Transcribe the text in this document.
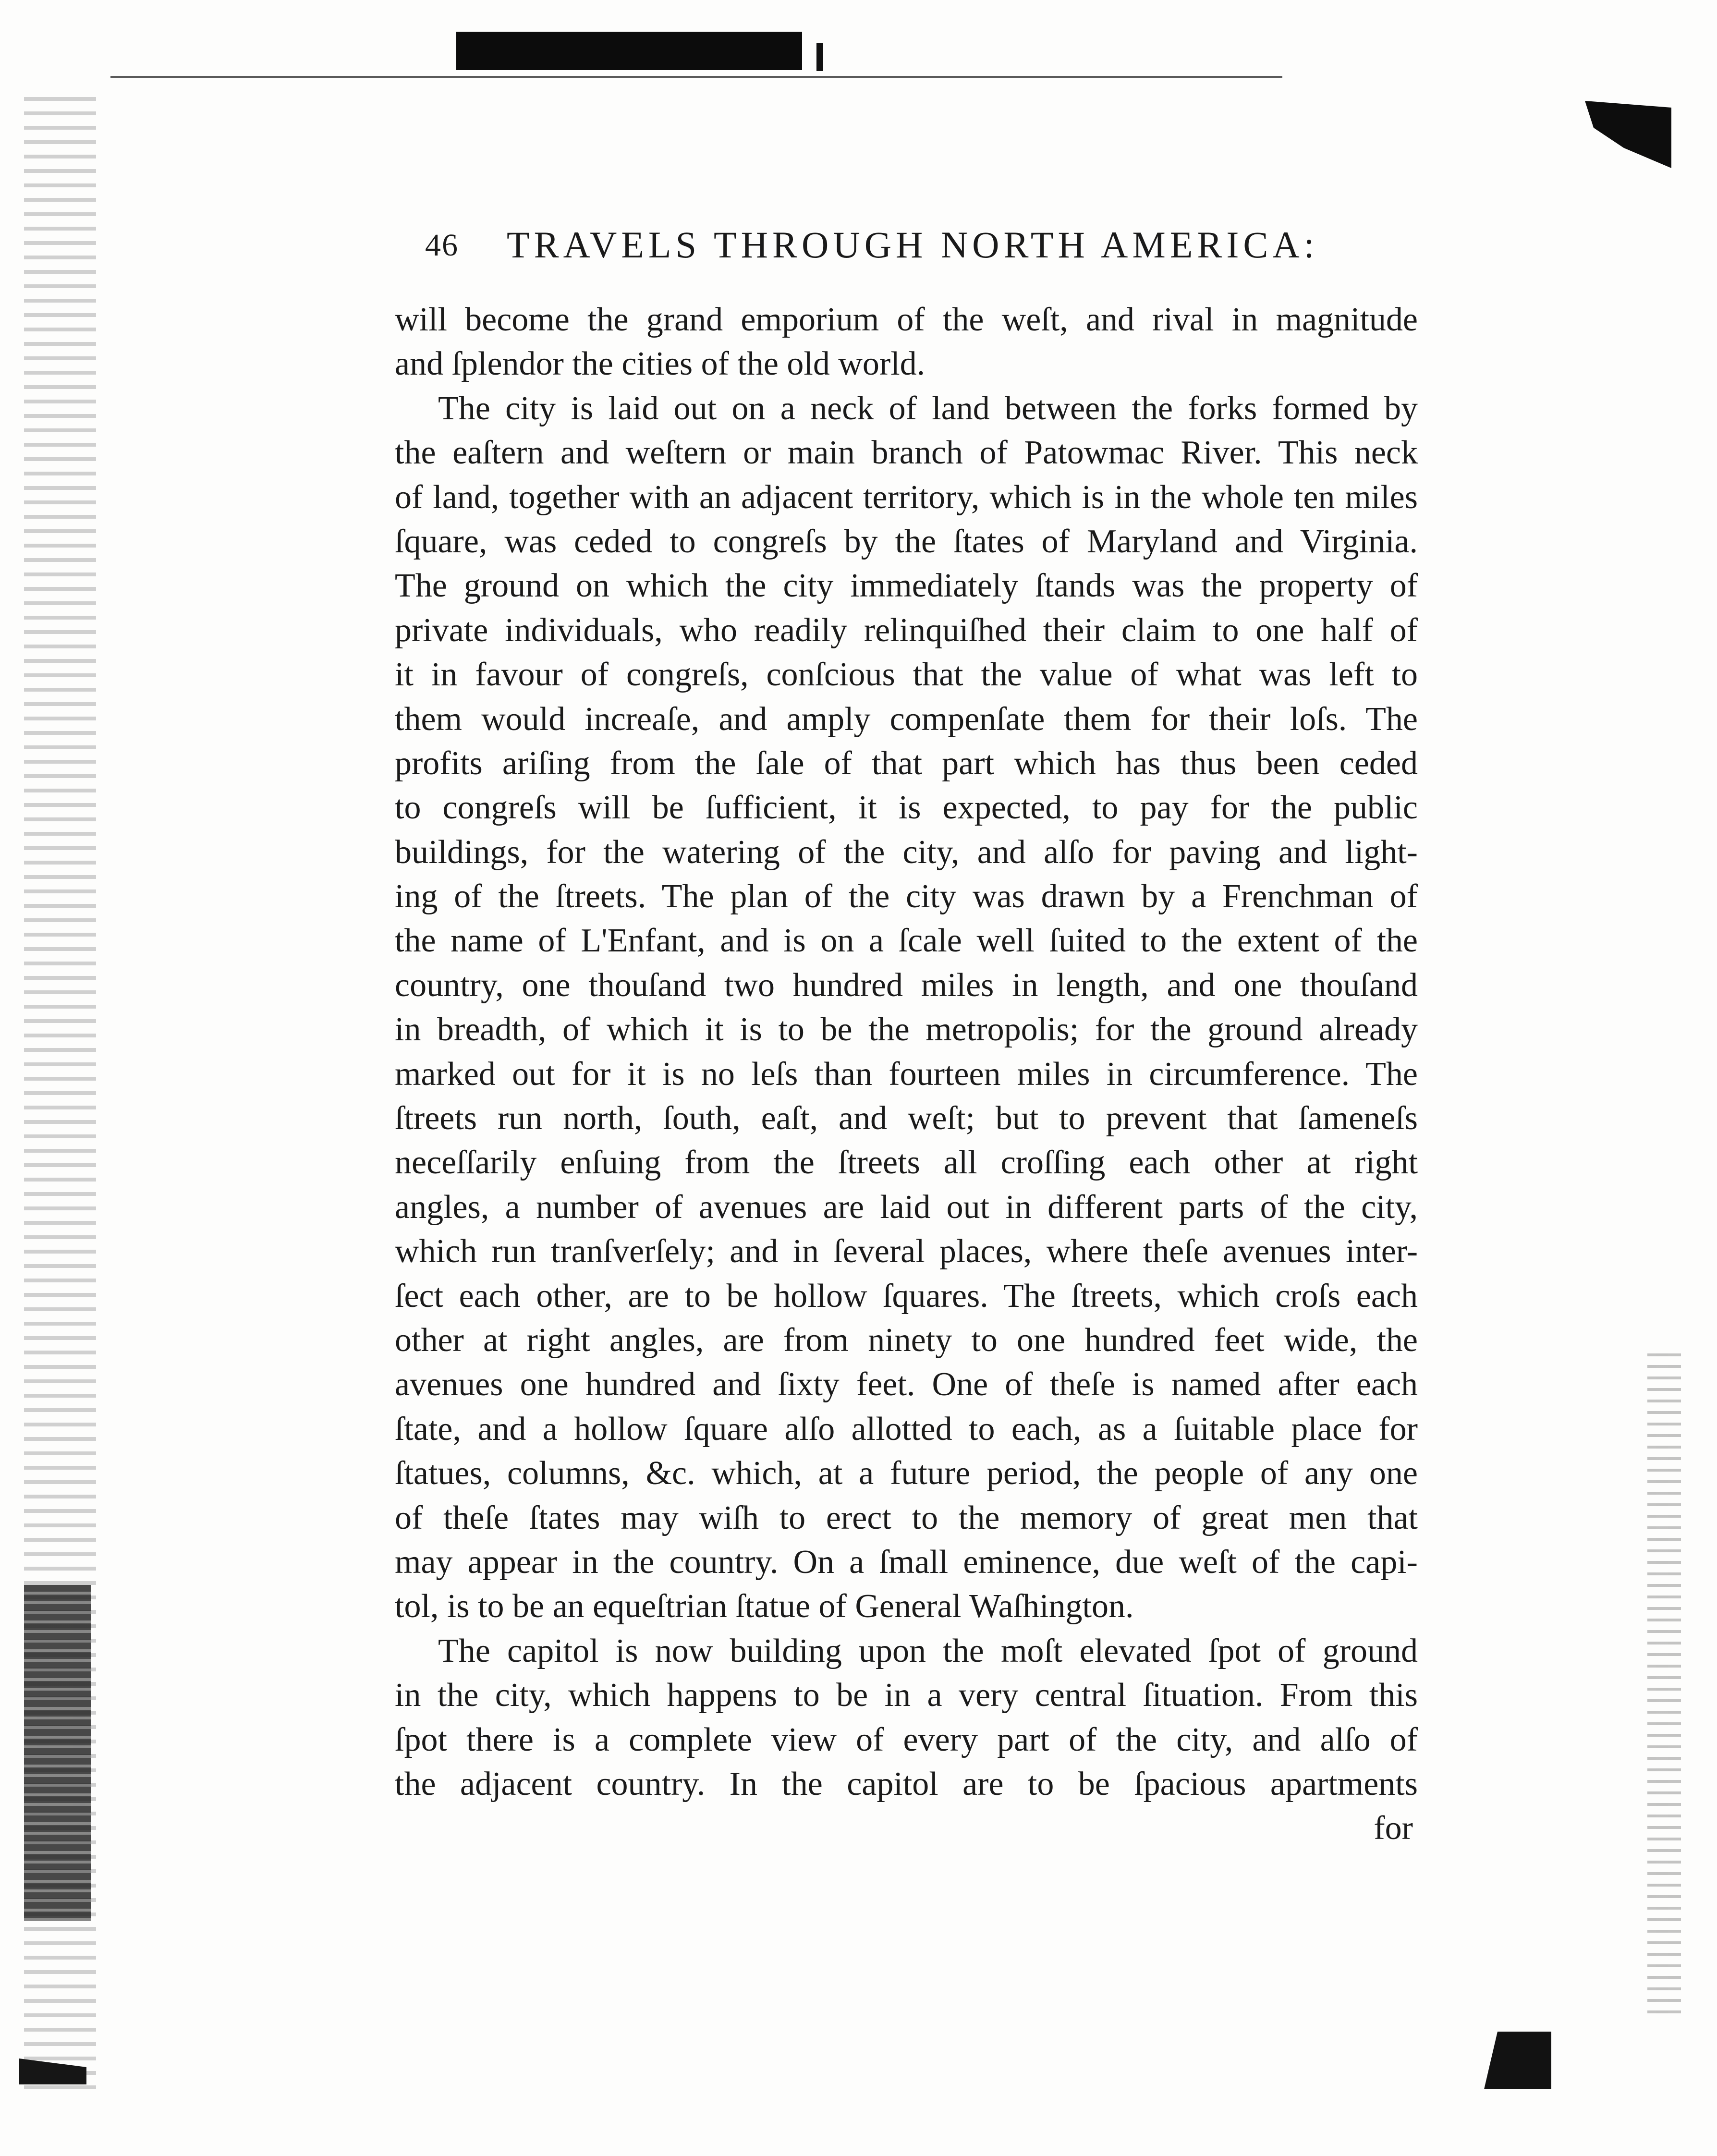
46 TRAVELS THROUGH NORTH AMERICA:
will become the grand emporium of the weſt, and rival in magnitude
and ſplendor the cities of the old world.
The city is laid out on a neck of land between the forks formed by
the eaſtern and weſtern or main branch of Patowmac River. This neck
of land, together with an adjacent territory, which is in the whole ten miles
ſquare, was ceded to congreſs by the ſtates of Maryland and Virginia.
The ground on which the city immediately ſtands was the property of
private individuals, who readily relinquiſhed their claim to one half of
it in favour of congreſs, conſcious that the value of what was left to
them would increaſe, and amply compenſate them for their loſs. The
profits ariſing from the ſale of that part which has thus been ceded
to congreſs will be ſufficient, it is expected, to pay for the public
buildings, for the watering of the city, and alſo for paving and light-
ing of the ſtreets. The plan of the city was drawn by a Frenchman of
the name of L'Enfant, and is on a ſcale well ſuited to the extent of the
country, one thouſand two hundred miles in length, and one thouſand
in breadth, of which it is to be the metropolis; for the ground already
marked out for it is no leſs than fourteen miles in circumference. The
ſtreets run north, ſouth, eaſt, and weſt; but to prevent that ſameneſs
neceſſarily enſuing from the ſtreets all croſſing each other at right
angles, a number of avenues are laid out in different parts of the city,
which run tranſverſely; and in ſeveral places, where theſe avenues inter-
ſect each other, are to be hollow ſquares. The ſtreets, which croſs each
other at right angles, are from ninety to one hundred feet wide, the
avenues one hundred and ſixty feet. One of theſe is named after each
ſtate, and a hollow ſquare alſo allotted to each, as a ſuitable place for
ſtatues, columns, &c. which, at a future period, the people of any one
of theſe ſtates may wiſh to erect to the memory of great men that
may appear in the country. On a ſmall eminence, due weſt of the capi-
tol, is to be an equeſtrian ſtatue of General Waſhington.
The capitol is now building upon the moſt elevated ſpot of ground
in the city, which happens to be in a very central ſituation. From this
ſpot there is a complete view of every part of the city, and alſo of
the adjacent country. In the capitol are to be ſpacious apartments
for
